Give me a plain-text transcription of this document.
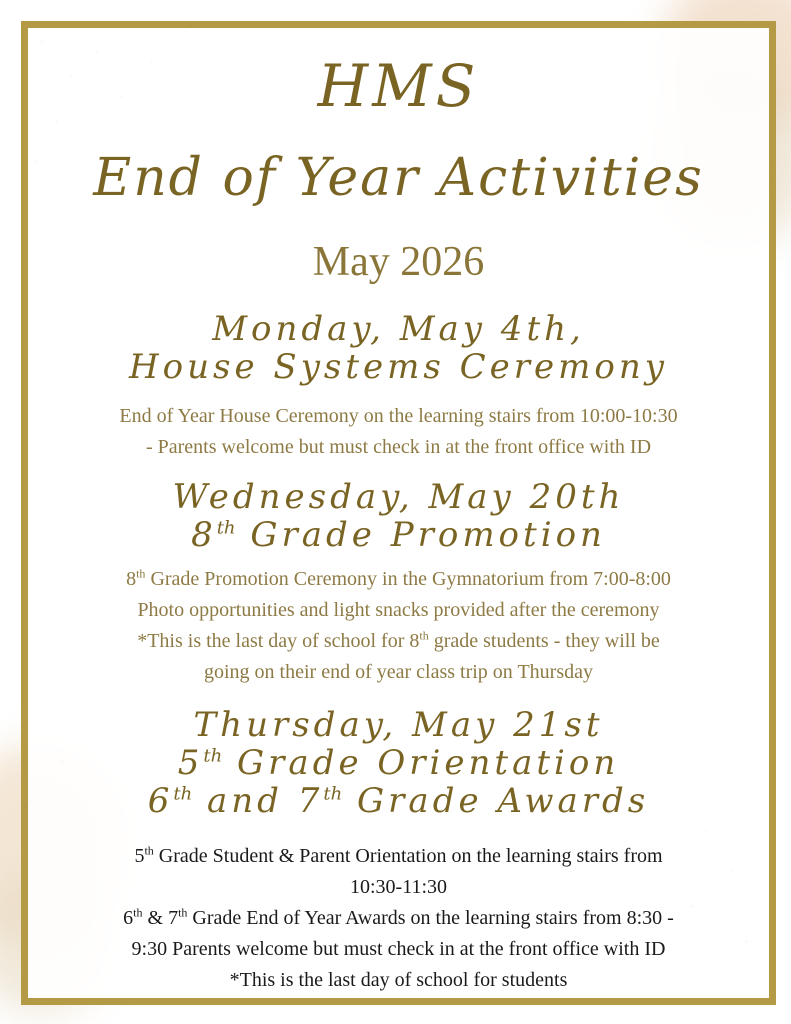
HMS
End of Year Activities
May 2026
Monday, May 4th,
House Systems Ceremony
End of Year House Ceremony on the learning stairs from 10:00-10:30
- Parents welcome but must check in at the front office with ID
Wednesday, May 20th
8th Grade Promotion
8th Grade Promotion Ceremony in the Gymnatorium from 7:00-8:00
Photo opportunities and light snacks provided after the ceremony
*This is the last day of school for 8th grade students - they will be
going on their end of year class trip on Thursday
Thursday, May 21st
5th Grade Orientation
6th and 7th Grade Awards
5th Grade Student & Parent Orientation on the learning stairs from
10:30-11:30
6th & 7th Grade End of Year Awards on the learning stairs from 8:30 -
9:30 Parents welcome but must check in at the front office with ID
*This is the last day of school for students
